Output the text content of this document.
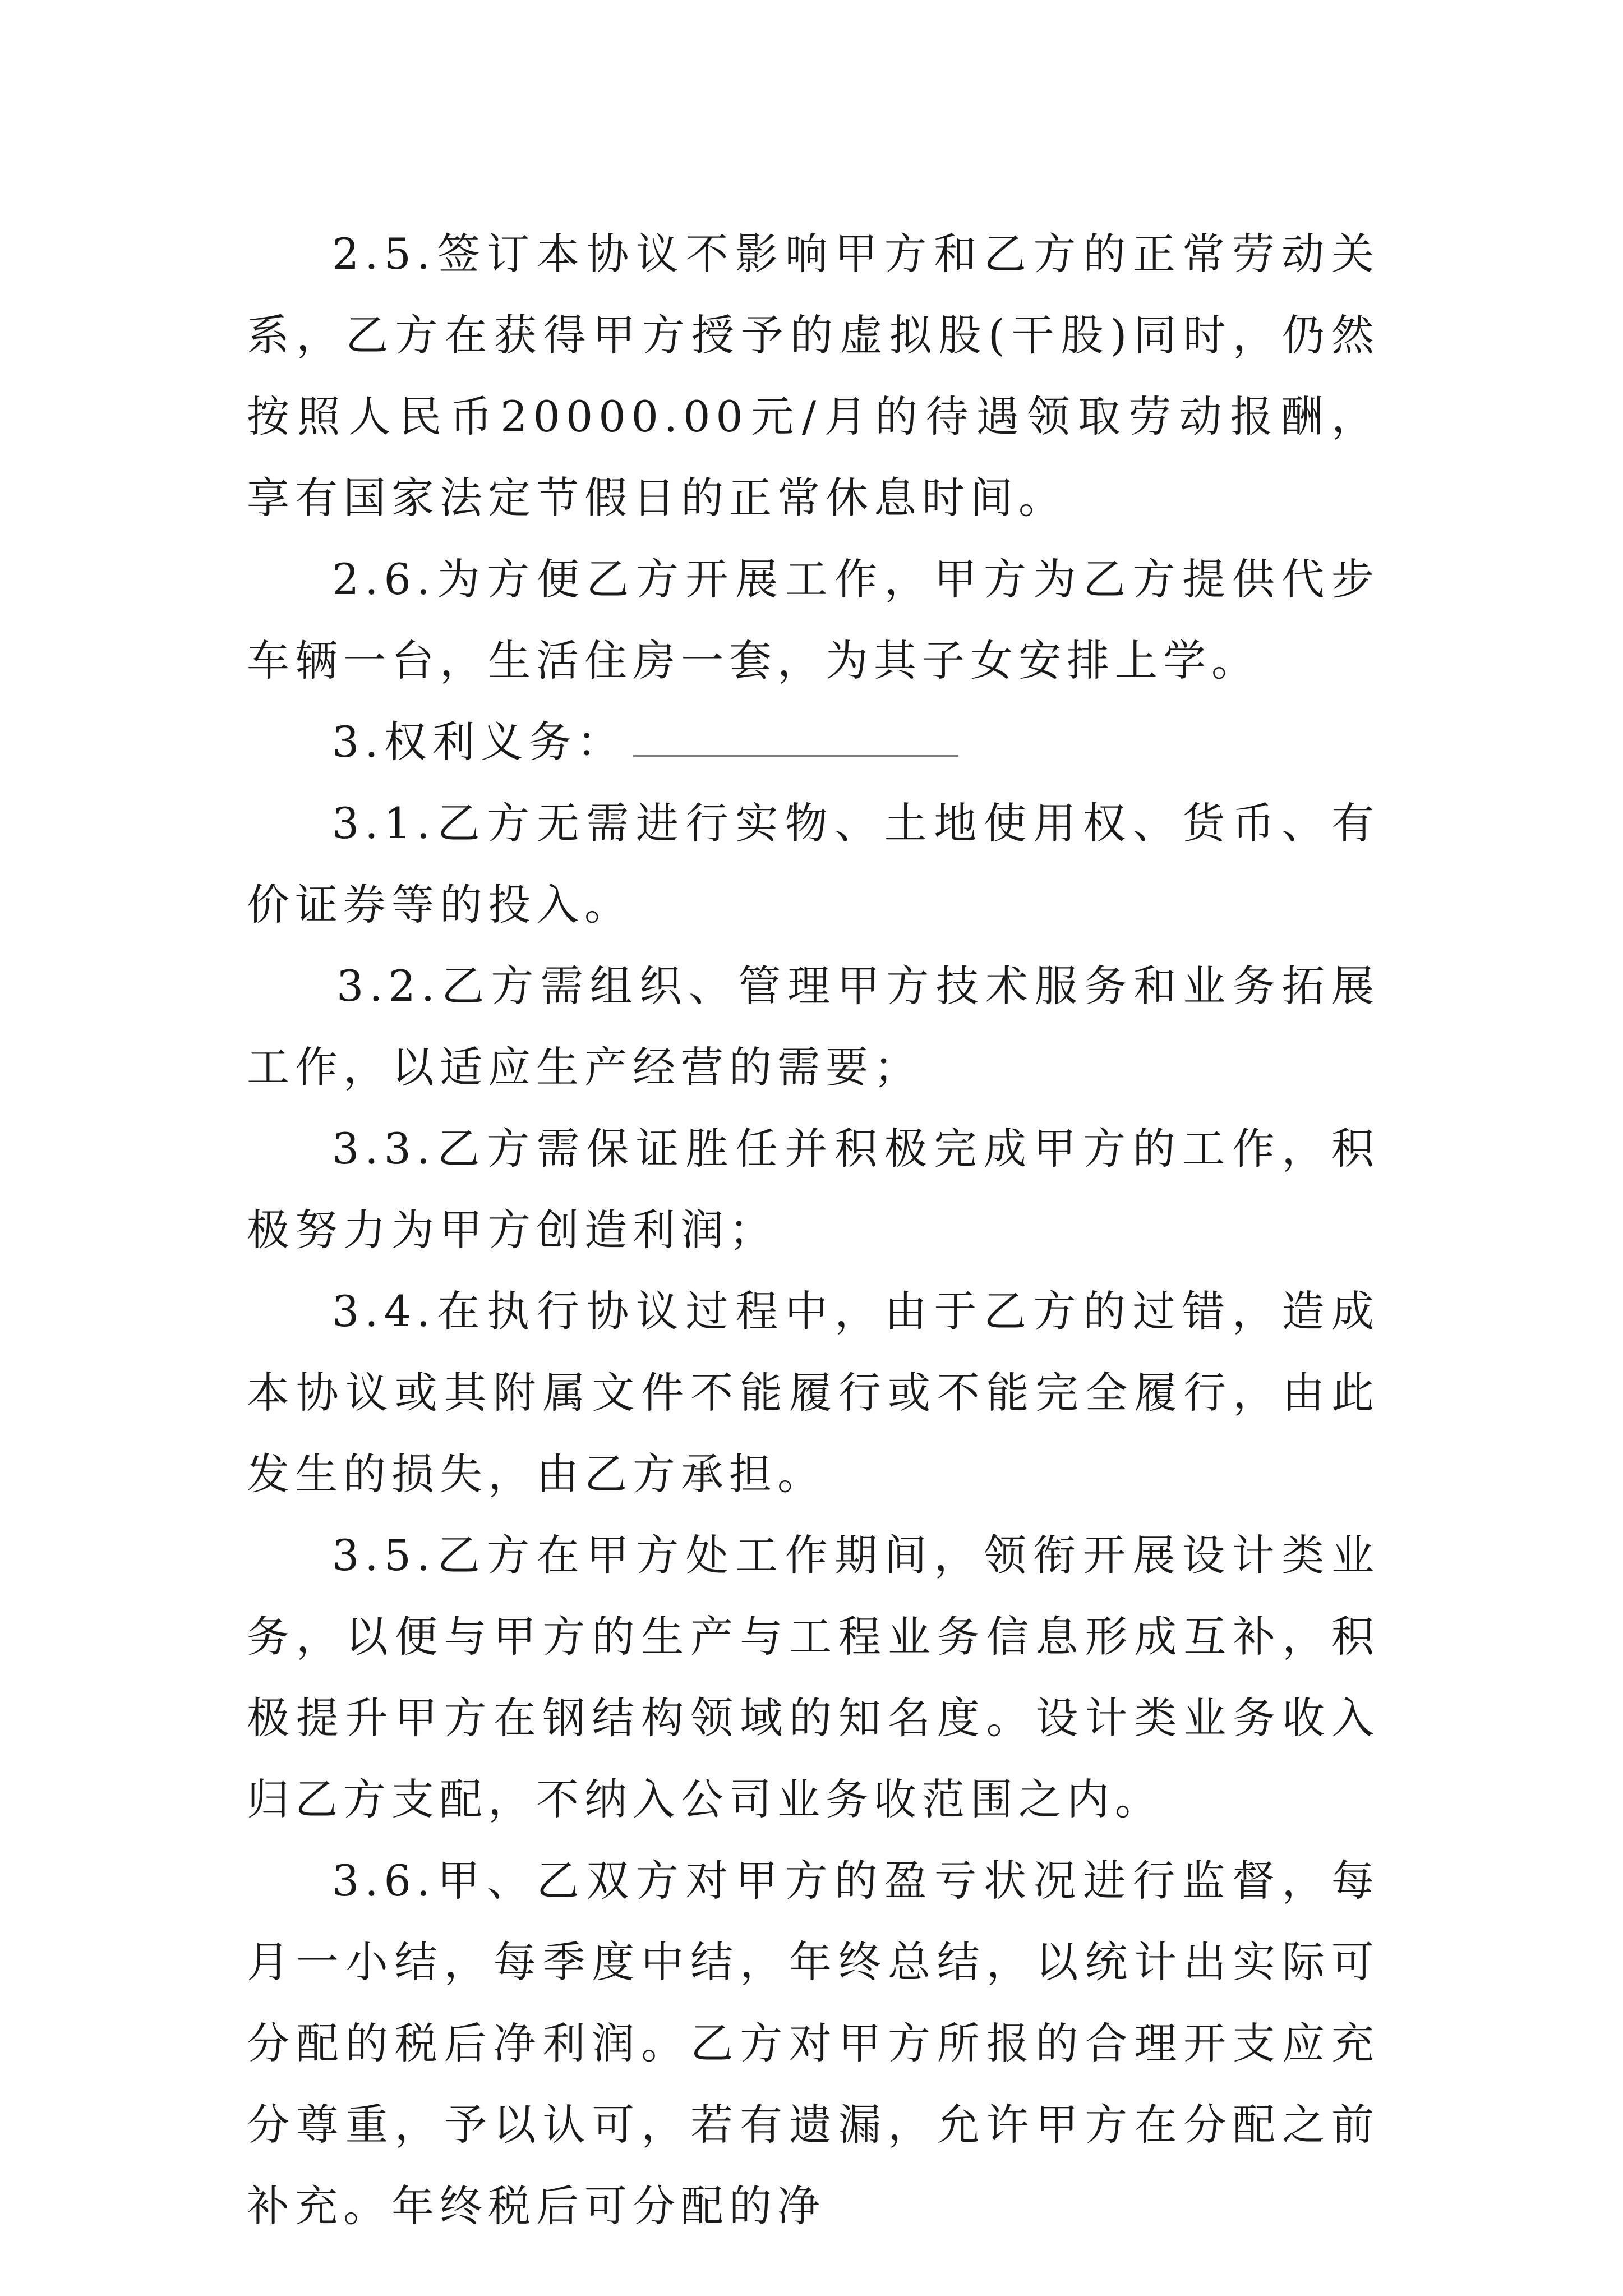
2.5.签订本协议不影响甲方和乙方的正常劳动关系，乙方在获得甲方授予的虚拟股(干股)同时，仍然按照人民币20000.00元/月的待遇领取劳动报酬，享有国家法定节假日的正常休息时间。

2.6.为方便乙方开展工作，甲方为乙方提供代步车辆一台，生活住房一套，为其子女安排上学。

3.权利义务：

3.1.乙方无需进行实物、土地使用权、货币、有价证券等的投入。

3.2.乙方需组织、管理甲方技术服务和业务拓展工作，以适应生产经营的需要；

3.3.乙方需保证胜任并积极完成甲方的工作，积极努力为甲方创造利润；

3.4.在执行协议过程中，由于乙方的过错，造成本协议或其附属文件不能履行或不能完全履行，由此发生的损失，由乙方承担。

3.5.乙方在甲方处工作期间，领衔开展设计类业务，以便与甲方的生产与工程业务信息形成互补，积极提升甲方在钢结构领域的知名度。设计类业务收入归乙方支配，不纳入公司业务收范围之内。

3.6.甲、乙双方对甲方的盈亏状况进行监督，每月一小结，每季度中结，年终总结，以统计出实际可分配的税后净利润。乙方对甲方所报的合理开支应充分尊重，予以认可，若有遗漏，允许甲方在分配之前补充。年终税后可分配的净
